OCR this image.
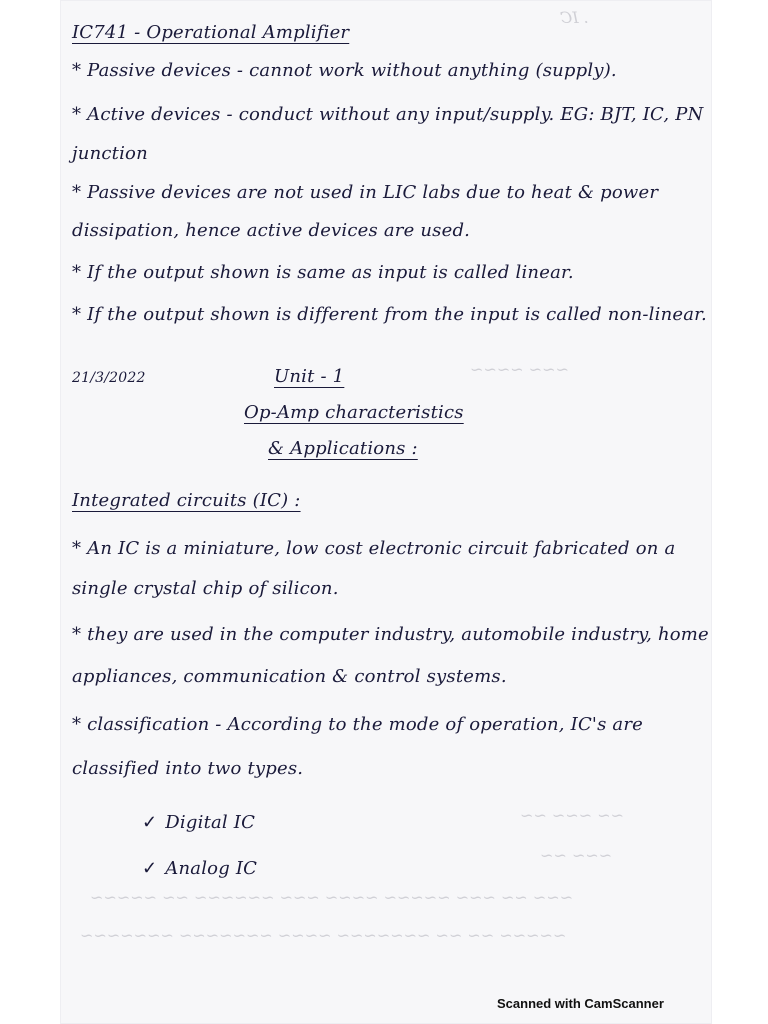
. IC
~~~ ~~~~
~~ ~~~ ~~
~~~ ~~
IC741 - Operational Amplifier
* Passive devices - cannot work without anything (supply).
* Active devices - conduct without any input/supply. EG: BJT, IC, PN
junction
* Passive devices are not used in LIC labs due to heat & power
dissipation, hence active devices are used.
* If the output shown is same as input is called linear.
* If the output shown is different from the input is called non-linear.
21/3/2022	Unit - 1
Op-Amp characteristics
& Applications :
Integrated circuits (IC) :
* An IC is a miniature, low cost electronic circuit fabricated on a
single crystal chip of silicon.
* they are used in the computer industry, automobile industry, home
appliances, communication & control systems.
* classification - According to the mode of operation, IC's are
classified into two types.
✓ Digital IC
✓ Analog IC
~~~ ~~ ~~~ ~~~~~ ~~~~ ~~~ ~~~~~~ ~~ ~~~~~
~~~~~ ~~ ~~ ~~~~~~~ ~~~~ ~~~~~~~ ~~~~~~~
Scanned with CamScanner
